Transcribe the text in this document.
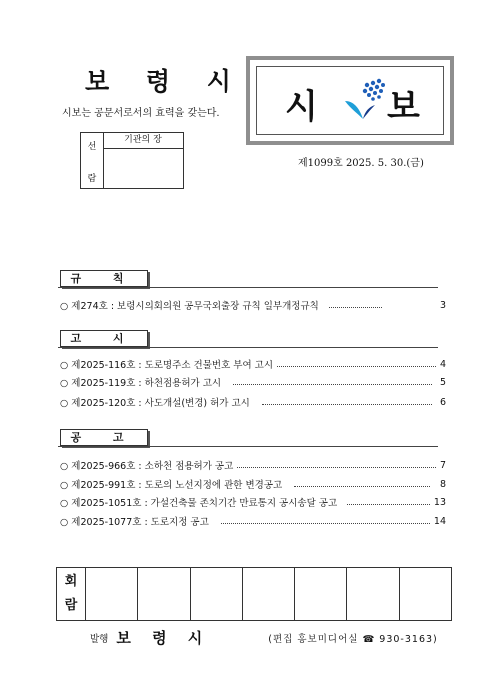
보 령 시
시보는 공문서로서의 효력을 갖는다.
선
람
기관의 장
시 보
제1099호 2025. 5. 30.(금)
규 칙
○ 제274호 : 보령시의회의원 공무국외출장 규칙 일부개정규칙	3
고 시
○ 제2025-116호 : 도로명주소 건물번호 부여 고시	4
○ 제2025-119호 : 하천점용허가 고시	5
○ 제2025-120호 : 사도개설(변경) 허가 고시	6
공 고
○ 제2025-966호 : 소하천 점용허가 공고	7
○ 제2025-991호 : 도로의 노선지정에 관한 변경공고	8
○ 제2025-1051호 : 가설건축물 존치기간 만료통지 공시송달 공고	13
○ 제2025-1077호 : 도로지정 공고	14
회
람							
발행 보 령 시	(편집 홍보미디어실 ☎ 930-3163)
